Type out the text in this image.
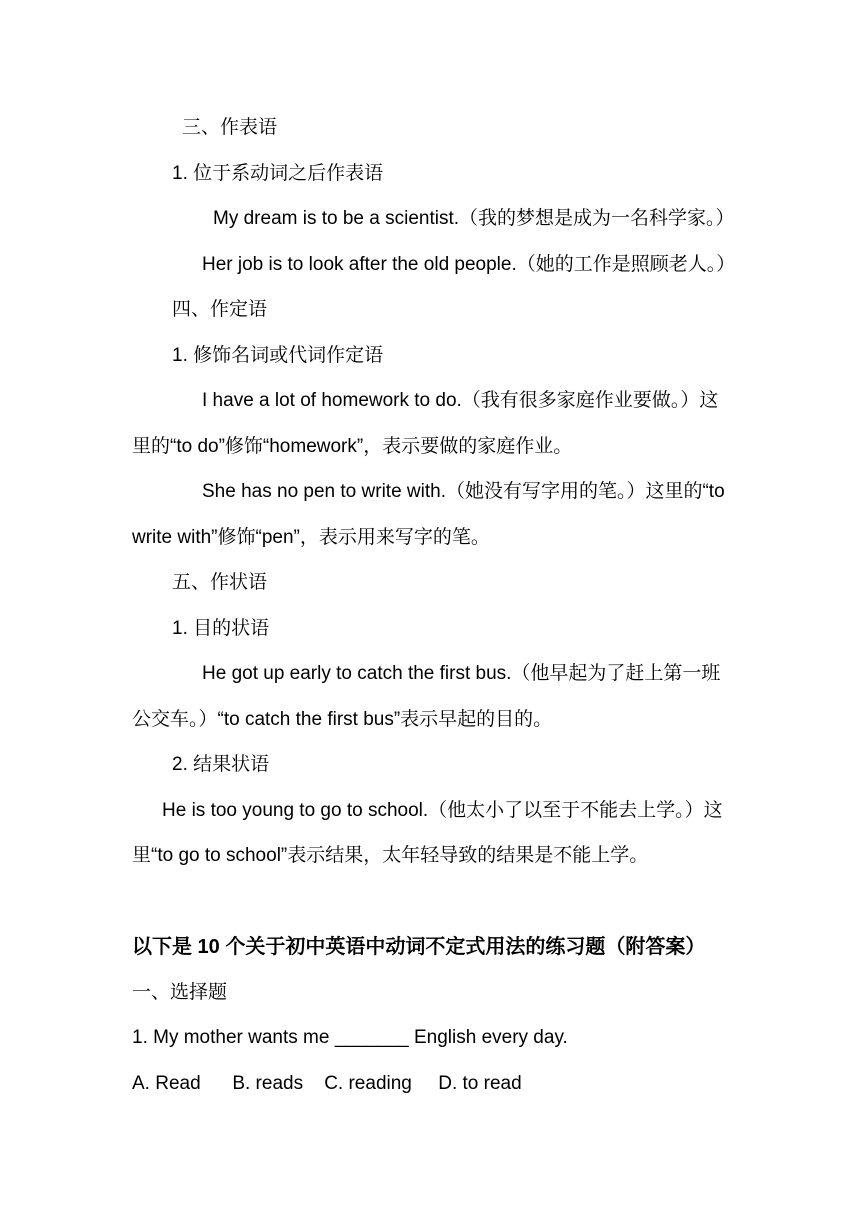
三、作表语
1. 位于系动词之后作表语
My dream is to be a scientist.（我的梦想是成为一名科学家。）
Her job is to look after the old people.（她的工作是照顾老人。）
四、作定语
1. 修饰名词或代词作定语
I have a lot of homework to do.（我有很多家庭作业要做。）这
里的“to do”修饰“homework”，表示要做的家庭作业。
She has no pen to write with.（她没有写字用的笔。）这里的“to
write with”修饰“pen”，表示用来写字的笔。
五、作状语
1. 目的状语
He got up early to catch the first bus.（他早起为了赶上第一班
公交车。）“to catch the first bus”表示早起的目的。
2. 结果状语
He is too young to go to school.（他太小了以至于不能去上学。）这
里“to go to school”表示结果，太年轻导致的结果是不能上学。
以下是 10 个关于初中英语中动词不定式用法的练习题（附答案）
一、选择题
1. My mother wants me _______ English every day.
A. Read      B. reads    C. reading     D. to read
